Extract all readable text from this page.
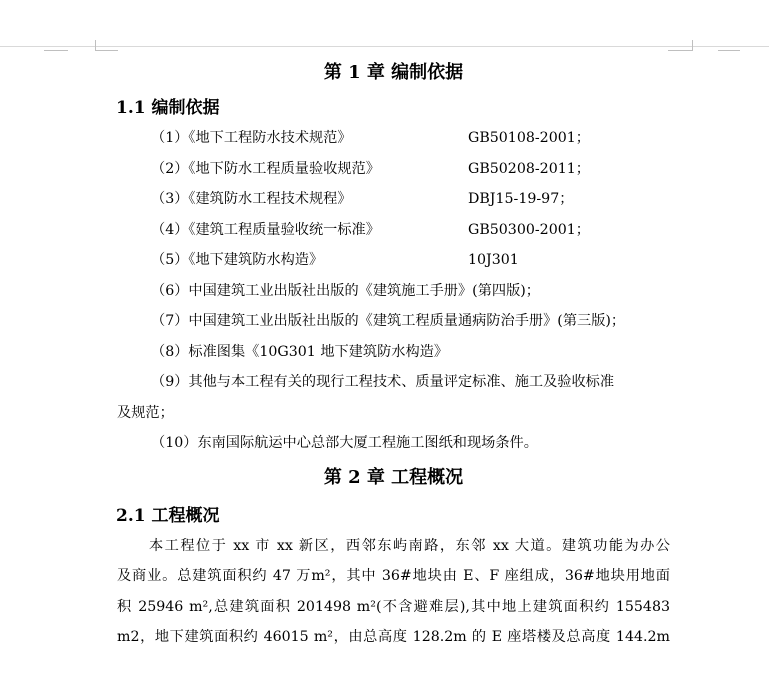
第 1 章 编制依据
1.1 编制依据
（1）《地下工程防水技术规范》	GB50108-2001；
（2）《地下防水工程质量验收规范》	GB50208-2011；
（3）《建筑防水工程技术规程》	DBJ15-19-97；
（4）《建筑工程质量验收统一标准》	GB50300-2001；
（5）《地下建筑防水构造》	10J301
（6）中国建筑工业出版社出版的《建筑施工手册》(第四版)；
（7）中国建筑工业出版社出版的《建筑工程质量通病防治手册》(第三版)；
（8）标准图集《10G301 地下建筑防水构造》
（9）其他与本工程有关的现行工程技术、质量评定标准、施工及验收标准
及规范；
（10）东南国际航运中心总部大厦工程施工图纸和现场条件。
第 2 章 工程概况
2.1 工程概况
本工程位于 xx 市 xx 新区，西邻东屿南路，东邻 xx 大道。建筑功能为办公
及商业。总建筑面积约 47 万m²，其中 36#地块由 E、F 座组成，36#地块用地面
积 25946 m²,总建筑面积 201498 m²(不含避难层),其中地上建筑面积约 155483
m2，地下建筑面积约 46015 m²，由总高度 128.2m 的 E 座塔楼及总高度 144.2m
